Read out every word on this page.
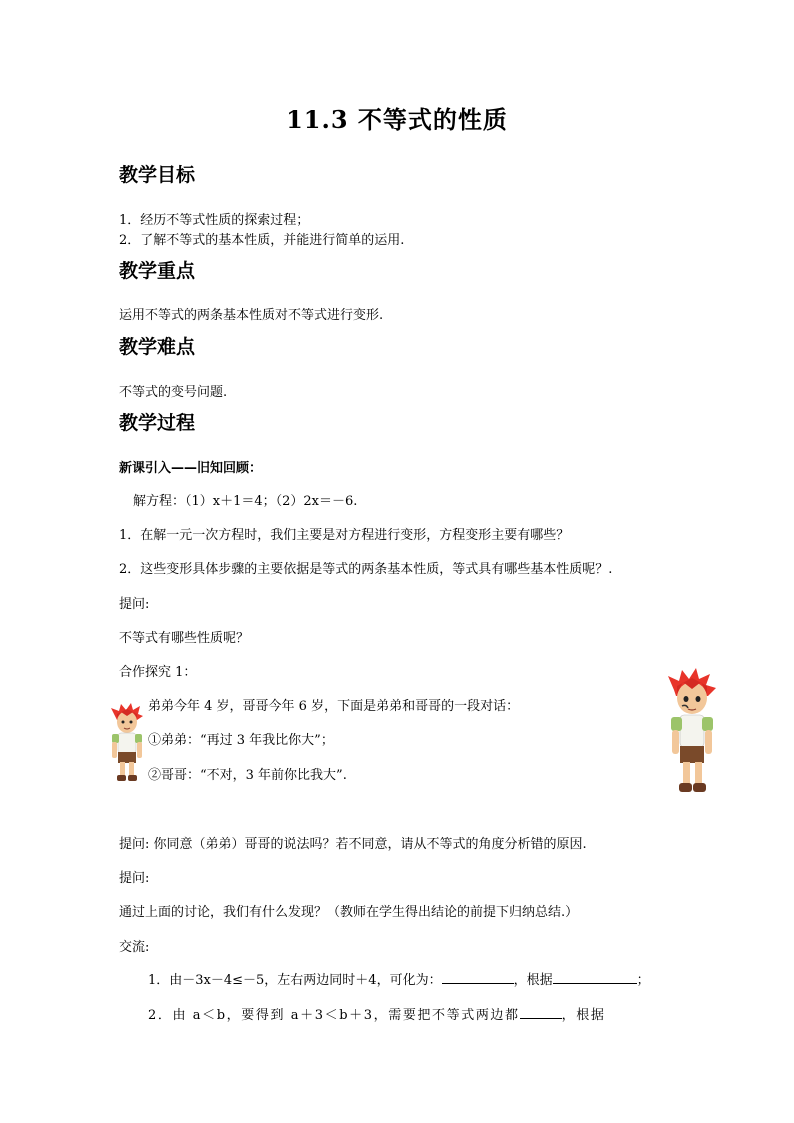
11.3 不等式的性质
教学目标
1．经历不等式性质的探索过程；
2．了解不等式的基本性质，并能进行简单的运用.
教学重点
运用不等式的两条基本性质对不等式进行变形.
教学难点
不等式的变号问题.
教学过程
新课引入——旧知回顾：
解方程：（1）x＋1＝4；（2）2x＝－6.
1．在解一元一次方程时，我们主要是对方程进行变形，方程变形主要有哪些？
2．这些变形具体步骤的主要依据是等式的两条基本性质，等式具有哪些基本性质呢？.
提问:
不等式有哪些性质呢？
合作探究 1：
弟弟今年 4 岁，哥哥今年 6 岁，下面是弟弟和哥哥的一段对话：
①弟弟：“再过 3 年我比你大”；
②哥哥：“不对，3 年前你比我大”.
提问: 你同意（弟弟）哥哥的说法吗？若不同意，请从不等式的角度分析错的原因.
提问:
通过上面的讨论，我们有什么发现？（教师在学生得出结论的前提下归纳总结.）
交流:
1．由－3x－4≤－5，左右两边同时＋4，可化为：	，根据	；
2．由 a＜b，要得到 a＋3＜b＋3，需要把不等式两边都	，根据
